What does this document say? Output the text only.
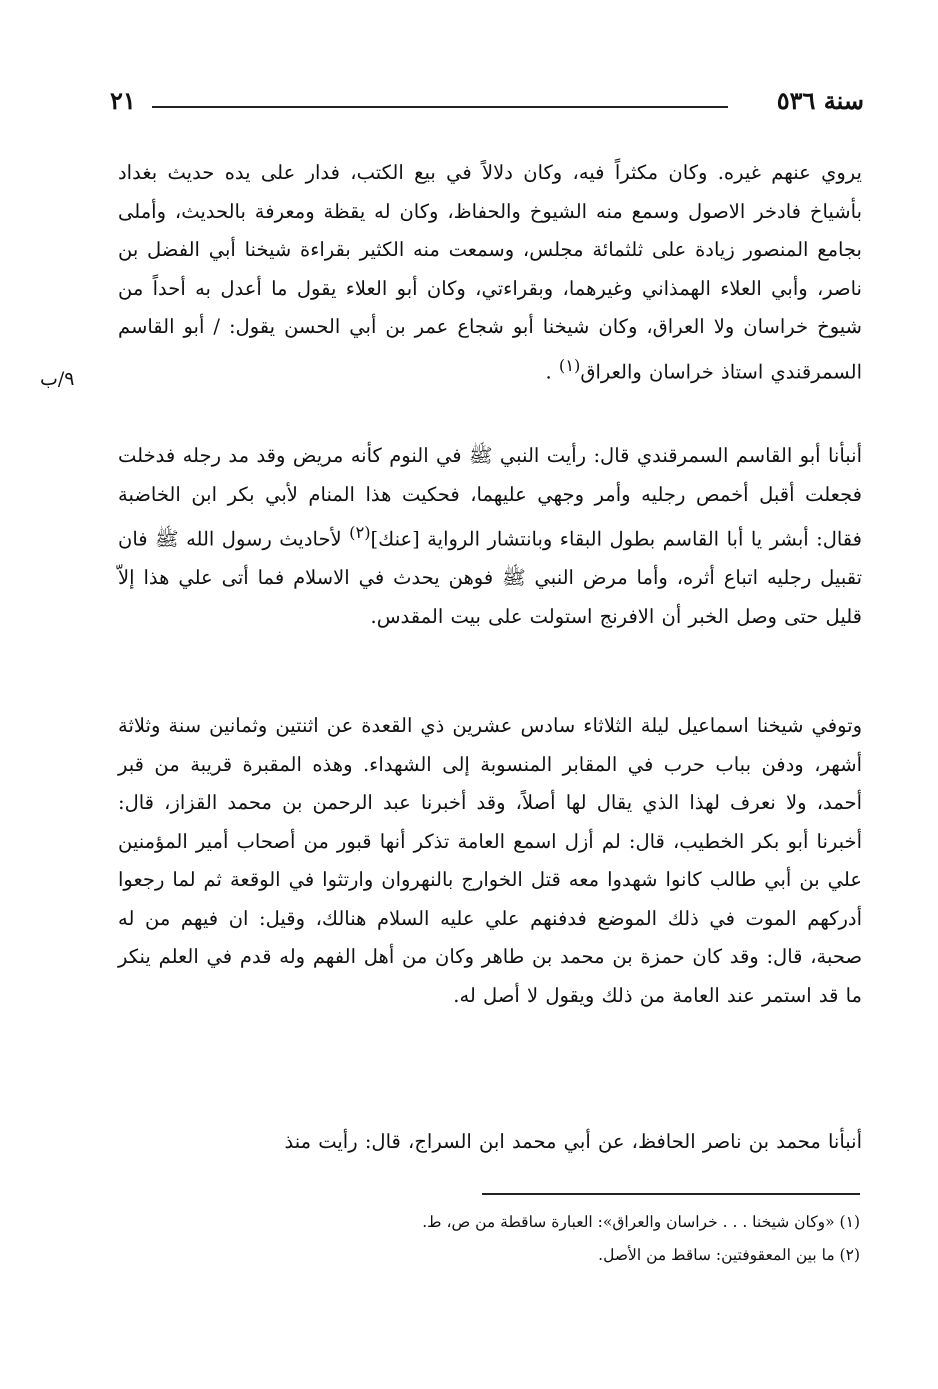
سنة ٥٣٦
٢١
٩/ب
يروي عنهم غيره. وكان مكثراً فيه، وكان دلالاً في بيع الكتب، فدار على يده حديث بغداد بأشياخ فادخر الاصول وسمع منه الشيوخ والحفاظ، وكان له يقظة ومعرفة بالحديث، وأملى بجامع المنصور زيادة على ثلثمائة مجلس، وسمعت منه الكثير بقراءة شيخنا أبي الفضل بن ناصر، وأبي العلاء الهمذاني وغيرهما، وبقراءتي، وكان أبو العلاء يقول ما أعدل به أحداً من شيوخ خراسان ولا العراق، وكان شيخنا أبو شجاع عمر بن أبي الحسن يقول: / أبو القاسم السمرقندي استاذ خراسان والعراق$^{(١)}$ .
أنبأنا أبو القاسم السمرقندي قال: رأيت النبي ﷺ في النوم كأنه مريض وقد مد رجله فدخلت فجعلت أقبل أخمص رجليه وأمر وجهي عليهما، فحكيت هذا المنام لأبي بكر ابن الخاضبة فقال: أبشر يا أبا القاسم بطول البقاء وبانتشار الرواية [عنك]$^{(٢)}$ لأحاديث رسول الله ﷺ فان تقبيل رجليه اتباع أثره، وأما مرض النبي ﷺ فوهن يحدث في الاسلام فما أتى علي هذا إلاّ قليل حتى وصل الخبر أن الافرنج استولت على بيت المقدس.
وتوفي شيخنا اسماعيل ليلة الثلاثاء سادس عشرين ذي القعدة عن اثنتين وثمانين سنة وثلاثة أشهر، ودفن بباب حرب في المقابر المنسوبة إلى الشهداء. وهذه المقبرة قريبة من قبر أحمد، ولا نعرف لهذا الذي يقال لها أصلاً، وقد أخبرنا عبد الرحمن بن محمد القزاز، قال: أخبرنا أبو بكر الخطيب، قال: لم أزل اسمع العامة تذكر أنها قبور من أصحاب أمير المؤمنين علي بن أبي طالب كانوا شهدوا معه قتل الخوارج بالنهروان وارتثوا في الوقعة ثم لما رجعوا أدركهم الموت في ذلك الموضع فدفنهم علي عليه السلام هنالك، وقيل: ان فيهم من له صحبة، قال: وقد كان حمزة بن محمد بن طاهر وكان من أهل الفهم وله قدم في العلم ينكر ما قد استمر عند العامة من ذلك ويقول لا أصل له.
أنبأنا محمد بن ناصر الحافظ، عن أبي محمد ابن السراج، قال: رأيت منذ
(١) «وكان شيخنا . . . خراسان والعراق»: العبارة ساقطة من ص، ط.
(٢) ما بين المعقوفتين: ساقط من الأصل.
